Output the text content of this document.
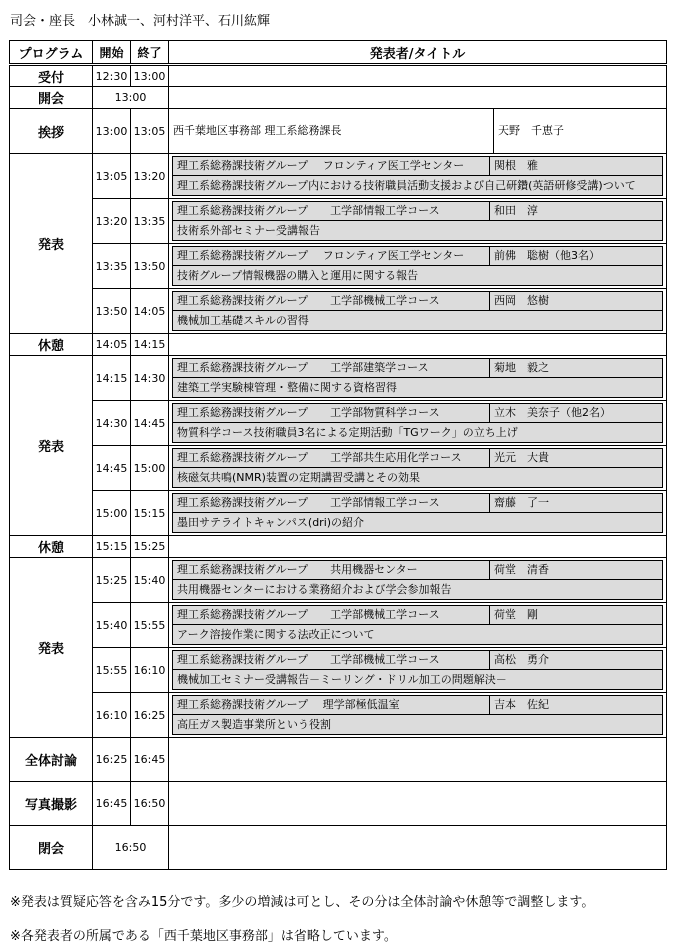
司会・座長　小林誠一、河村洋平、石川紘輝
プログラム	開始	終了	発表者/タイトル
受付	12:30	13:00	
開会	13:00		
挨拶	13:00	13:05	西千葉地区事務部 理工系総務課長 天野　千恵子

発表	13:05	13:20	理工系総務課技術グループ　 フロンティア医工学センター 関根　雅
理工系総務課技術グループ内における技術職員活動支援および自己研鑽(英語研修受講)ついて

	13:20	13:35	理工系総務課技術グループ　　工学部情報工学コース 和田　淳
技術系外部セミナー受講報告

	13:35	13:50	理工系総務課技術グループ　 フロンティア医工学センター 前佛　聡樹（他3名）
技術グループ情報機器の購入と運用に関する報告

	13:50	14:05	理工系総務課技術グループ　　工学部機械工学コース 西岡　悠樹
機械加工基礎スキルの習得

休憩	14:05	14:15	
発表	14:15	14:30	理工系総務課技術グループ　　工学部建築学コース 菊地　毅之
建築工学実験棟管理・整備に関する資格習得

	14:30	14:45	理工系総務課技術グループ　　工学部物質科学コース 立木　美奈子（他2名）
物質科学コース技術職員3名による定期活動「TGワーク」の立ち上げ

	14:45	15:00	理工系総務課技術グループ　　工学部共生応用化学コース 光元　大貴
核磁気共鳴(NMR)装置の定期講習受講とその効果

	15:00	15:15	理工系総務課技術グループ　　工学部情報工学コース 齋藤　了一
墨田サテライトキャンパス(dri)の紹介

休憩	15:15	15:25	
発表	15:25	15:40	理工系総務課技術グループ　　共用機器センター 荷堂　清香
共用機器センターにおける業務紹介および学会参加報告

	15:40	15:55	理工系総務課技術グループ　　工学部機械工学コース 荷堂　剛
アーク溶接作業に関する法改正について

	15:55	16:10	理工系総務課技術グループ　　工学部機械工学コース 高松　勇介
機械加工セミナー受講報告－ミーリング・ドリル加工の問題解決－

	16:10	16:25	理工系総務課技術グループ　 理学部極低温室 吉本　佐紀
高圧ガス製造事業所という役割

全体討論	16:25	16:45	
写真撮影	16:45	16:50	
閉会	16:50		
※発表は質疑応答を含み15分です。多少の増減は可とし、その分は全体討論や休憩等で調整します。
※各発表者の所属である「西千葉地区事務部」は省略しています。
